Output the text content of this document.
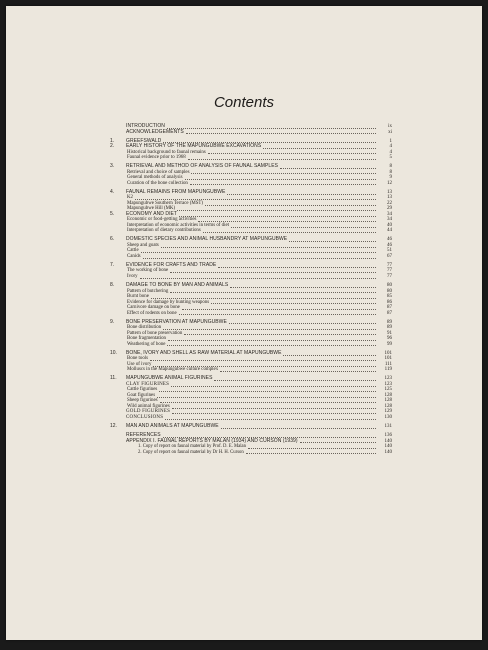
Contents
INTRODUCTION	ix
ACKNOWLEDGEMENTS	xi
1.	GREEFSWALD	1
2.	EARLY HISTORY OF THE MAPUNGUBWE EXCAVATIONS	4
Historical background to faunal remains	4
Faunal evidence prior to 1968	5
3.	RETRIEVAL AND METHOD OF ANALYSIS OF FAUNAL SAMPLES	8
Retrieval and choice of samples	8
General methods of analysis	9
Curation of the bone collection	12
4.	FAUNAL REMAINS FROM MAPUNGUBWE	13
K2	13
Mapungubwe Southern Terrace (MST)	22
Mapungubwe Hill (MK)	29
5.	ECONOMY AND DIET	34
Economic or food-getting activities	34
Interpretation of economic activities in terms of diet	40
Interpretation of dietary contributions	44
6.	DOMESTIC SPECIES AND ANIMAL HUSBANDRY AT MAPUNGUBWE	46
Sheep and goats	46
Cattle	51
Canids	67
7.	EVIDENCE FOR CRAFTS AND TRADE	77
The working of bone	77
Ivory	77
8.	DAMAGE TO BONE BY MAN AND ANIMALS	80
Pattern of butchering	80
Burnt bone	85
Evidence for damage by hunting weapons	86
Carnivore damage on bone	87
Effect of rodents on bone	87
9.	BONE PRESERVATION AT MAPUNGUBWE	89
Bone distribution	89
Pattern of bone preservation	91
Bone fragmentation	96
Weathering of bone	99
10.	BONE, IVORY AND SHELL AS RAW MATERIAL AT MAPUNGUBWE	101
Bone tools	101
Use of ivory	111
Molluscs in the Mapungubwe culture complex	119
11.	MAPUNGUBWE ANIMAL FIGURINES	123
CLAY FIGURINES	123
Cattle figurines	125
Goat figurines	128
Sheep figurines	128
Wild animal figurines	128
GOLD FIGURINES	129
CONCLUSIONS	130
12.	MAN AND ANIMALS AT MAPUNGUBWE	131
REFERENCES	136
APPENDIX I. FAUNAL REPORTS BY MALAN (1934) AND CURSON (1939)	140
1. Copy of report on faunal material by Prof. D. E. Malan	140
2. Copy of report on faunal material by Dr H. H. Curson	140
